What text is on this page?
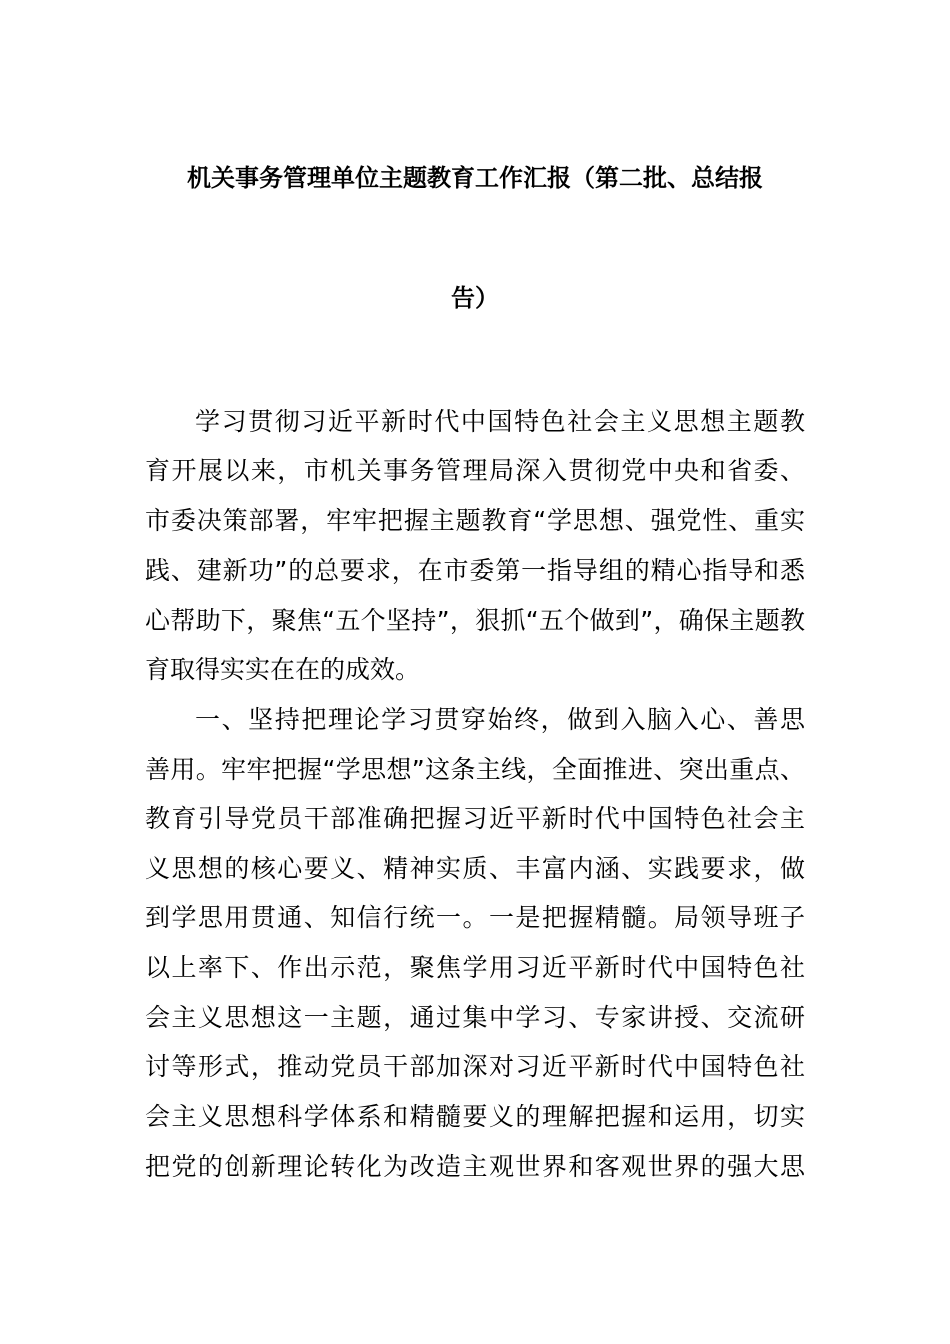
机关事务管理单位主题教育工作汇报（第二批、总结报
告）
学习贯彻习近平新时代中国特色社会主义思想主题教
育开展以来，市机关事务管理局深入贯彻党中央和省委、
市委决策部署，牢牢把握主题教育“学思想、强党性、重实
践、建新功”的总要求，在市委第一指导组的精心指导和悉
心帮助下，聚焦“五个坚持”，狠抓“五个做到”，确保主题教
育取得实实在在的成效。
一、坚持把理论学习贯穿始终，做到入脑入心、善思
善用。牢牢把握“学思想”这条主线，全面推进、突出重点、
教育引导党员干部准确把握习近平新时代中国特色社会主
义思想的核心要义、精神实质、丰富内涵、实践要求，做
到学思用贯通、知信行统一。一是把握精髓。局领导班子
以上率下、作出示范，聚焦学用习近平新时代中国特色社
会主义思想这一主题，通过集中学习、专家讲授、交流研
讨等形式，推动党员干部加深对习近平新时代中国特色社
会主义思想科学体系和精髓要义的理解把握和运用，切实
把党的创新理论转化为改造主观世界和客观世界的强大思
